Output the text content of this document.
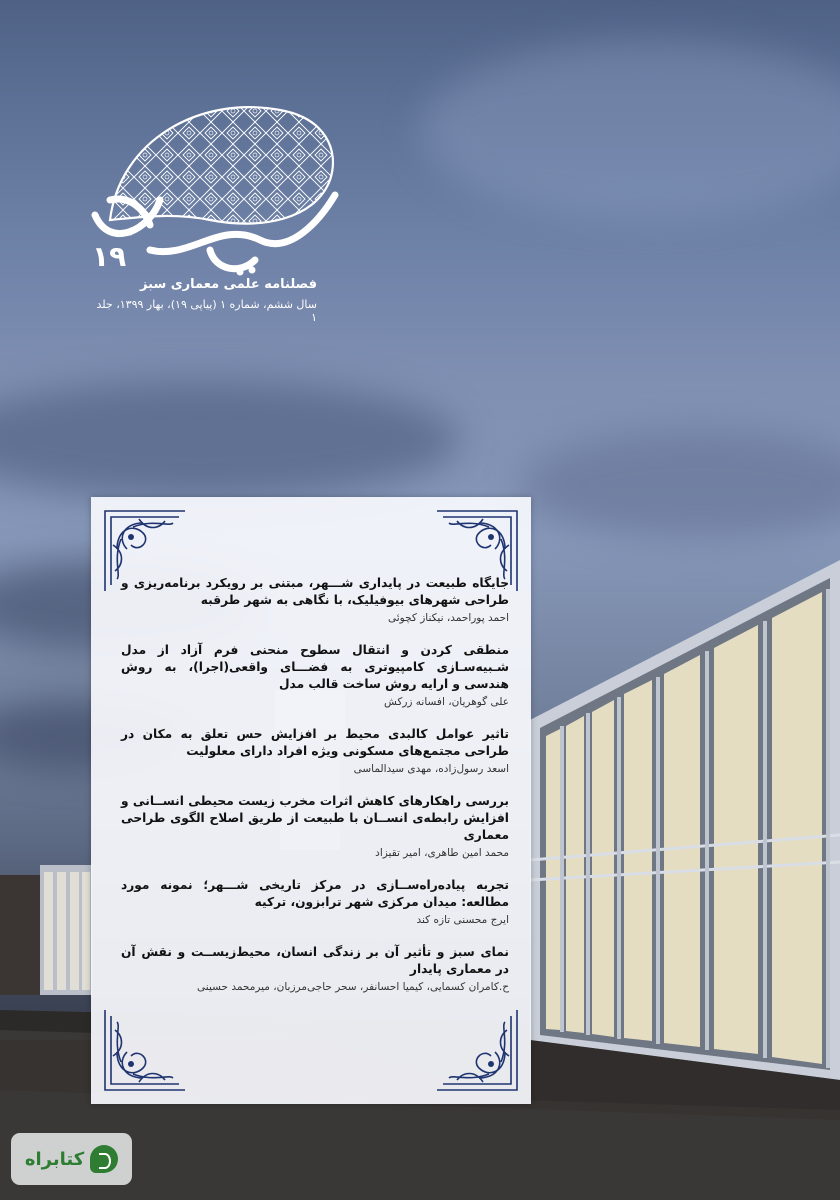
۱۹
فصلنامه علمی معماری سبز
سال ششم، شماره ۱ (پیاپی ۱۹)، بهار ۱۳۹۹، جلد ۱

جایگاه طبیعت در پایداری شـــهر، مبتنی بر رویکرد برنامه‌ریزی و طراحی شهرهای بیوفیلیک، با نگاهی به شهر طرقبه

احمد پوراحمد، نیکناز کچوئی

منطقی کردن و انتقال سطوح منحنی فرم آزاد از مدل شـبیه‌سـازی کامپیوتری به فضـــای واقعی(اجرا)، به روش هندسی و ارایه روش ساخت قالب مدل

علی گوهریان، افسانه زرکش

تاثیر عوامل کالبدی محیط بر افزایش حس تعلق به مکان در طراحی مجتمع‌های مسکونی ویژه افراد دارای معلولیت

اسعد رسول‌زاده، مهدی سیدالماسی

بررسی راهکارهای کاهش اثرات مخرب زیست محیطی انســانی و افزایش رابطه‌ی انســان با طبیعت از طریق اصلاح الگوی طراحی معماری

محمد امین طاهری، امیر تقیزاد

تجربه پیاده‌راه‌ســازی در مرکز تاریخی شـــهر؛ نمونه مورد مطالعه: میدان مرکزی شهر ترابزون، ترکیه

ایرج محسنی تازه کند

نمای سبز و تأثیر آن بر زندگی انسان، محیط‌زیســت و نقش آن در معماری پایدار

ح.کامران کسمایی، کیمیا احسانفر، سحر حاجی‌مرزبان، میرمحمد حسینی
کتابراه
